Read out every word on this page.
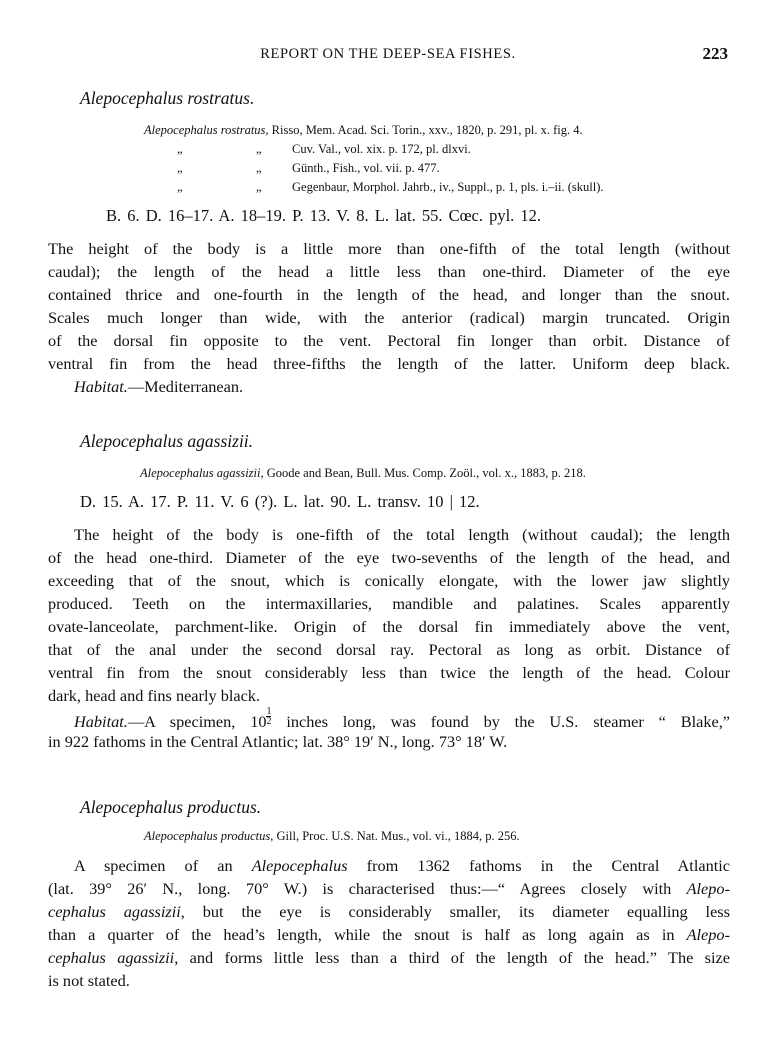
REPORT ON THE DEEP-SEA FISHES.	223
Alepocephalus rostratus.
Alepocephalus rostratus, Risso, Mem. Acad. Sci. Torin., xxv., 1820, p. 291, pl. x. fig. 4.
„	„ Cuv. Val., vol. xix. p. 172, pl. dlxvi.
„	„ Günth., Fish., vol. vii. p. 477.
„	„ Gegenbaur, Morphol. Jahrb., iv., Suppl., p. 1, pls. i.–ii. (skull).
B. 6. D. 16–17. A. 18–19. P. 13. V. 8. L. lat. 55. Cœc. pyl. 12.
The height of the body is a little more than one-fifth of the total length (without
caudal); the length of the head a little less than one-third. Diameter of the eye
contained thrice and one-fourth in the length of the head, and longer than the snout.
Scales much longer than wide, with the anterior (radical) margin truncated. Origin
of the dorsal fin opposite to the vent. Pectoral fin longer than orbit. Distance of
ventral fin from the head three-fifths the length of the latter. Uniform deep black.
Habitat.—Mediterranean.
Alepocephalus agassizii.
Alepocephalus agassizii, Goode and Bean, Bull. Mus. Comp. Zoöl., vol. x., 1883, p. 218.
D. 15. A. 17. P. 11. V. 6 (?). L. lat. 90. L. transv. 10 | 12.
The height of the body is one-fifth of the total length (without caudal); the length
of the head one-third. Diameter of the eye two-sevenths of the length of the head, and
exceeding that of the snout, which is conically elongate, with the lower jaw slightly
produced. Teeth on the intermaxillaries, mandible and palatines. Scales apparently
ovate-lanceolate, parchment-like. Origin of the dorsal fin immediately above the vent,
that of the anal under the second dorsal ray. Pectoral as long as orbit. Distance of
ventral fin from the snout considerably less than twice the length of the head. Colour
dark, head and fins nearly black.
Habitat.—A specimen, $10 \frac{1}{2}$ inches long, was found by the U.S. steamer “ Blake,”
in 922 fathoms in the Central Atlantic; lat. 38° 19′ N., long. 73° 18′ W.
Alepocephalus productus.
Alepocephalus productus, Gill, Proc. U.S. Nat. Mus., vol. vi., 1884, p. 256.
A specimen of an Alepocephalus from 1362 fathoms in the Central Atlantic
(lat. 39° 26′ N., long. 70° W.) is characterised thus:—“ Agrees closely with Alepo-
cephalus agassizii, but the eye is considerably smaller, its diameter equalling less
than a quarter of the head’s length, while the snout is half as long again as in Alepo-
cephalus agassizii, and forms little less than a third of the length of the head.” The size
is not stated.
